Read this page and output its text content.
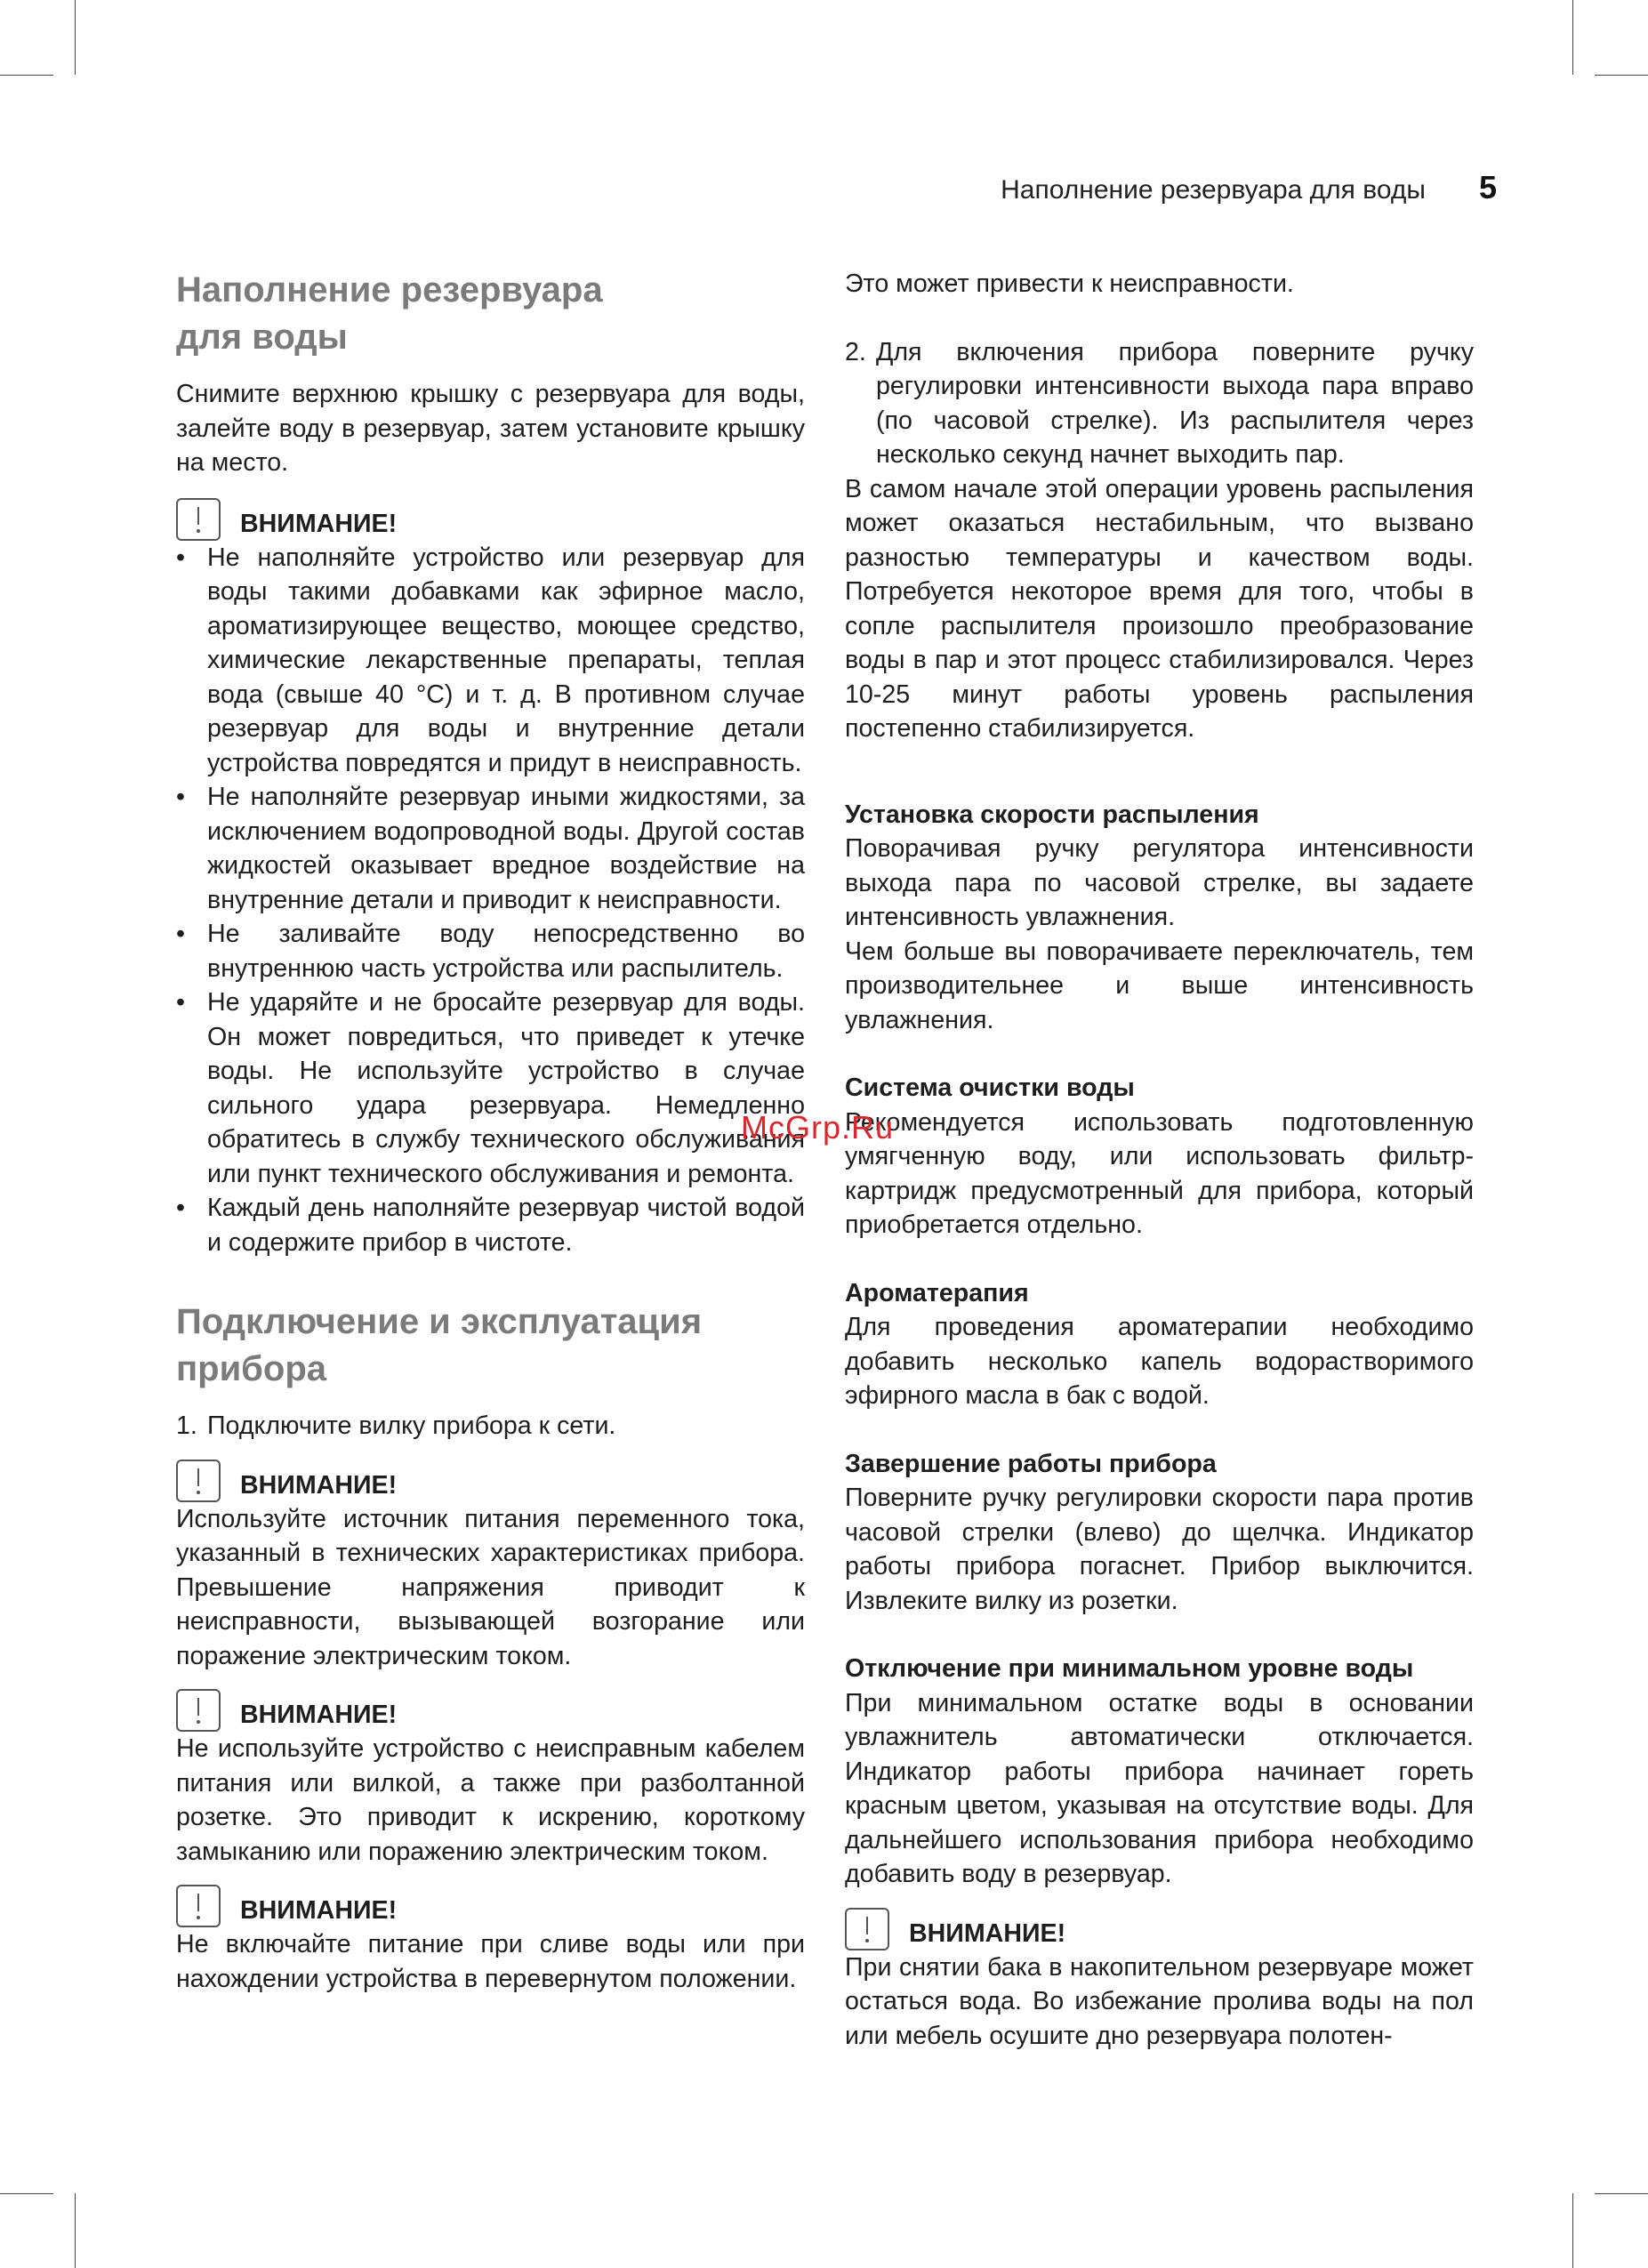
Наполнение резервуара для воды 5
Наполнение резервуара
для воды

Снимите верхнюю крышку с резервуара для воды, залейте воду в резервуар, затем установите крышку на место.

ВНИМАНИЕ!
• Не наполняйте устройство или резервуар для воды такими добавками как эфирное масло, ароматизирующее вещество, моющее средство, химические лекарственные препараты, теплая вода (свыше 40 °C) и т. д. В противном случае резервуар для воды и внутренние детали устройства повредятся и придут в неисправность.
• Не наполняйте резервуар иными жидкостями, за исключением водопроводной воды. Другой состав жидкостей оказывает вредное воздействие на внутренние детали и приводит к неисправности.
• Не заливайте воду непосредственно во внутреннюю часть устройства или распылитель.
• Не ударяйте и не бросайте резервуар для воды. Он может повредиться, что приведет к утечке воды. Не используйте устройство в случае сильного удара резервуара. Немедленно обратитесь в службу технического обслуживания или пункт технического обслуживания и ремонта.
• Каждый день наполняйте резервуар чистой водой и содержите прибор в чистоте.
Подключение и эксплуатация
прибора
1. Подключите вилку прибора к сети.
ВНИМАНИЕ!

Используйте источник питания переменного тока, указанный в технических характеристиках прибора. Превышение напряжения приводит к неисправности, вызывающей возгорание или поражение электрическим током.

ВНИМАНИЕ!

Не используйте устройство с неисправным кабелем питания или вилкой, а также при разболтанной розетке. Это приводит к искрению, короткому замыканию или поражению электрическим током.

ВНИМАНИЕ!

Не включайте питание при сливе воды или при нахождении устройства в перевернутом положении.

Это может привести к неисправности.

2. Для включения прибора поверните ручку регулировки интенсивности выхода пара вправо (по часовой стрелке). Из распылителя через несколько секунд начнет выходить пар.

В самом начале этой операции уровень распыления может оказаться нестабильным, что вызвано разностью температуры и качеством воды. Потребуется некоторое время для того, чтобы в сопле распылителя произошло преобразование воды в пар и этот процесс стабилизировался. Через 10-25 минут работы уровень распыления постепенно стабилизируется.

Установка скорости распыления

Поворачивая ручку регулятора интенсивности выхода пара по часовой стрелке, вы задаете интенсивность увлажнения.

Чем больше вы поворачиваете переключатель, тем производительнее и выше интенсивность увлажнения.

Система очистки воды

Рекомендуется использовать подготовленную умягченную воду, или использовать фильтр-картридж предусмотренный для прибора, который приобретается отдельно.

Ароматерапия

Для проведения ароматерапии необходимо добавить несколько капель водорастворимого эфирного масла в бак с водой.

Завершение работы прибора

Поверните ручку регулировки скорости пара против часовой стрелки (влево) до щелчка. Индикатор работы прибора погаснет. Прибор выключится. Извлеките вилку из розетки.

Отключение при минимальном уровне воды

При минимальном остатке воды в основании увлажнитель автоматически отключается. Индикатор работы прибора начинает гореть красным цветом, указывая на отсутствие воды. Для дальнейшего использования прибора необходимо добавить воду в резервуар.

ВНИМАНИЕ!

При снятии бака в накопительном резервуаре может остаться вода. Во избежание пролива воды на пол или мебель осушите дно резервуара полотен-

McGrp.Ru
